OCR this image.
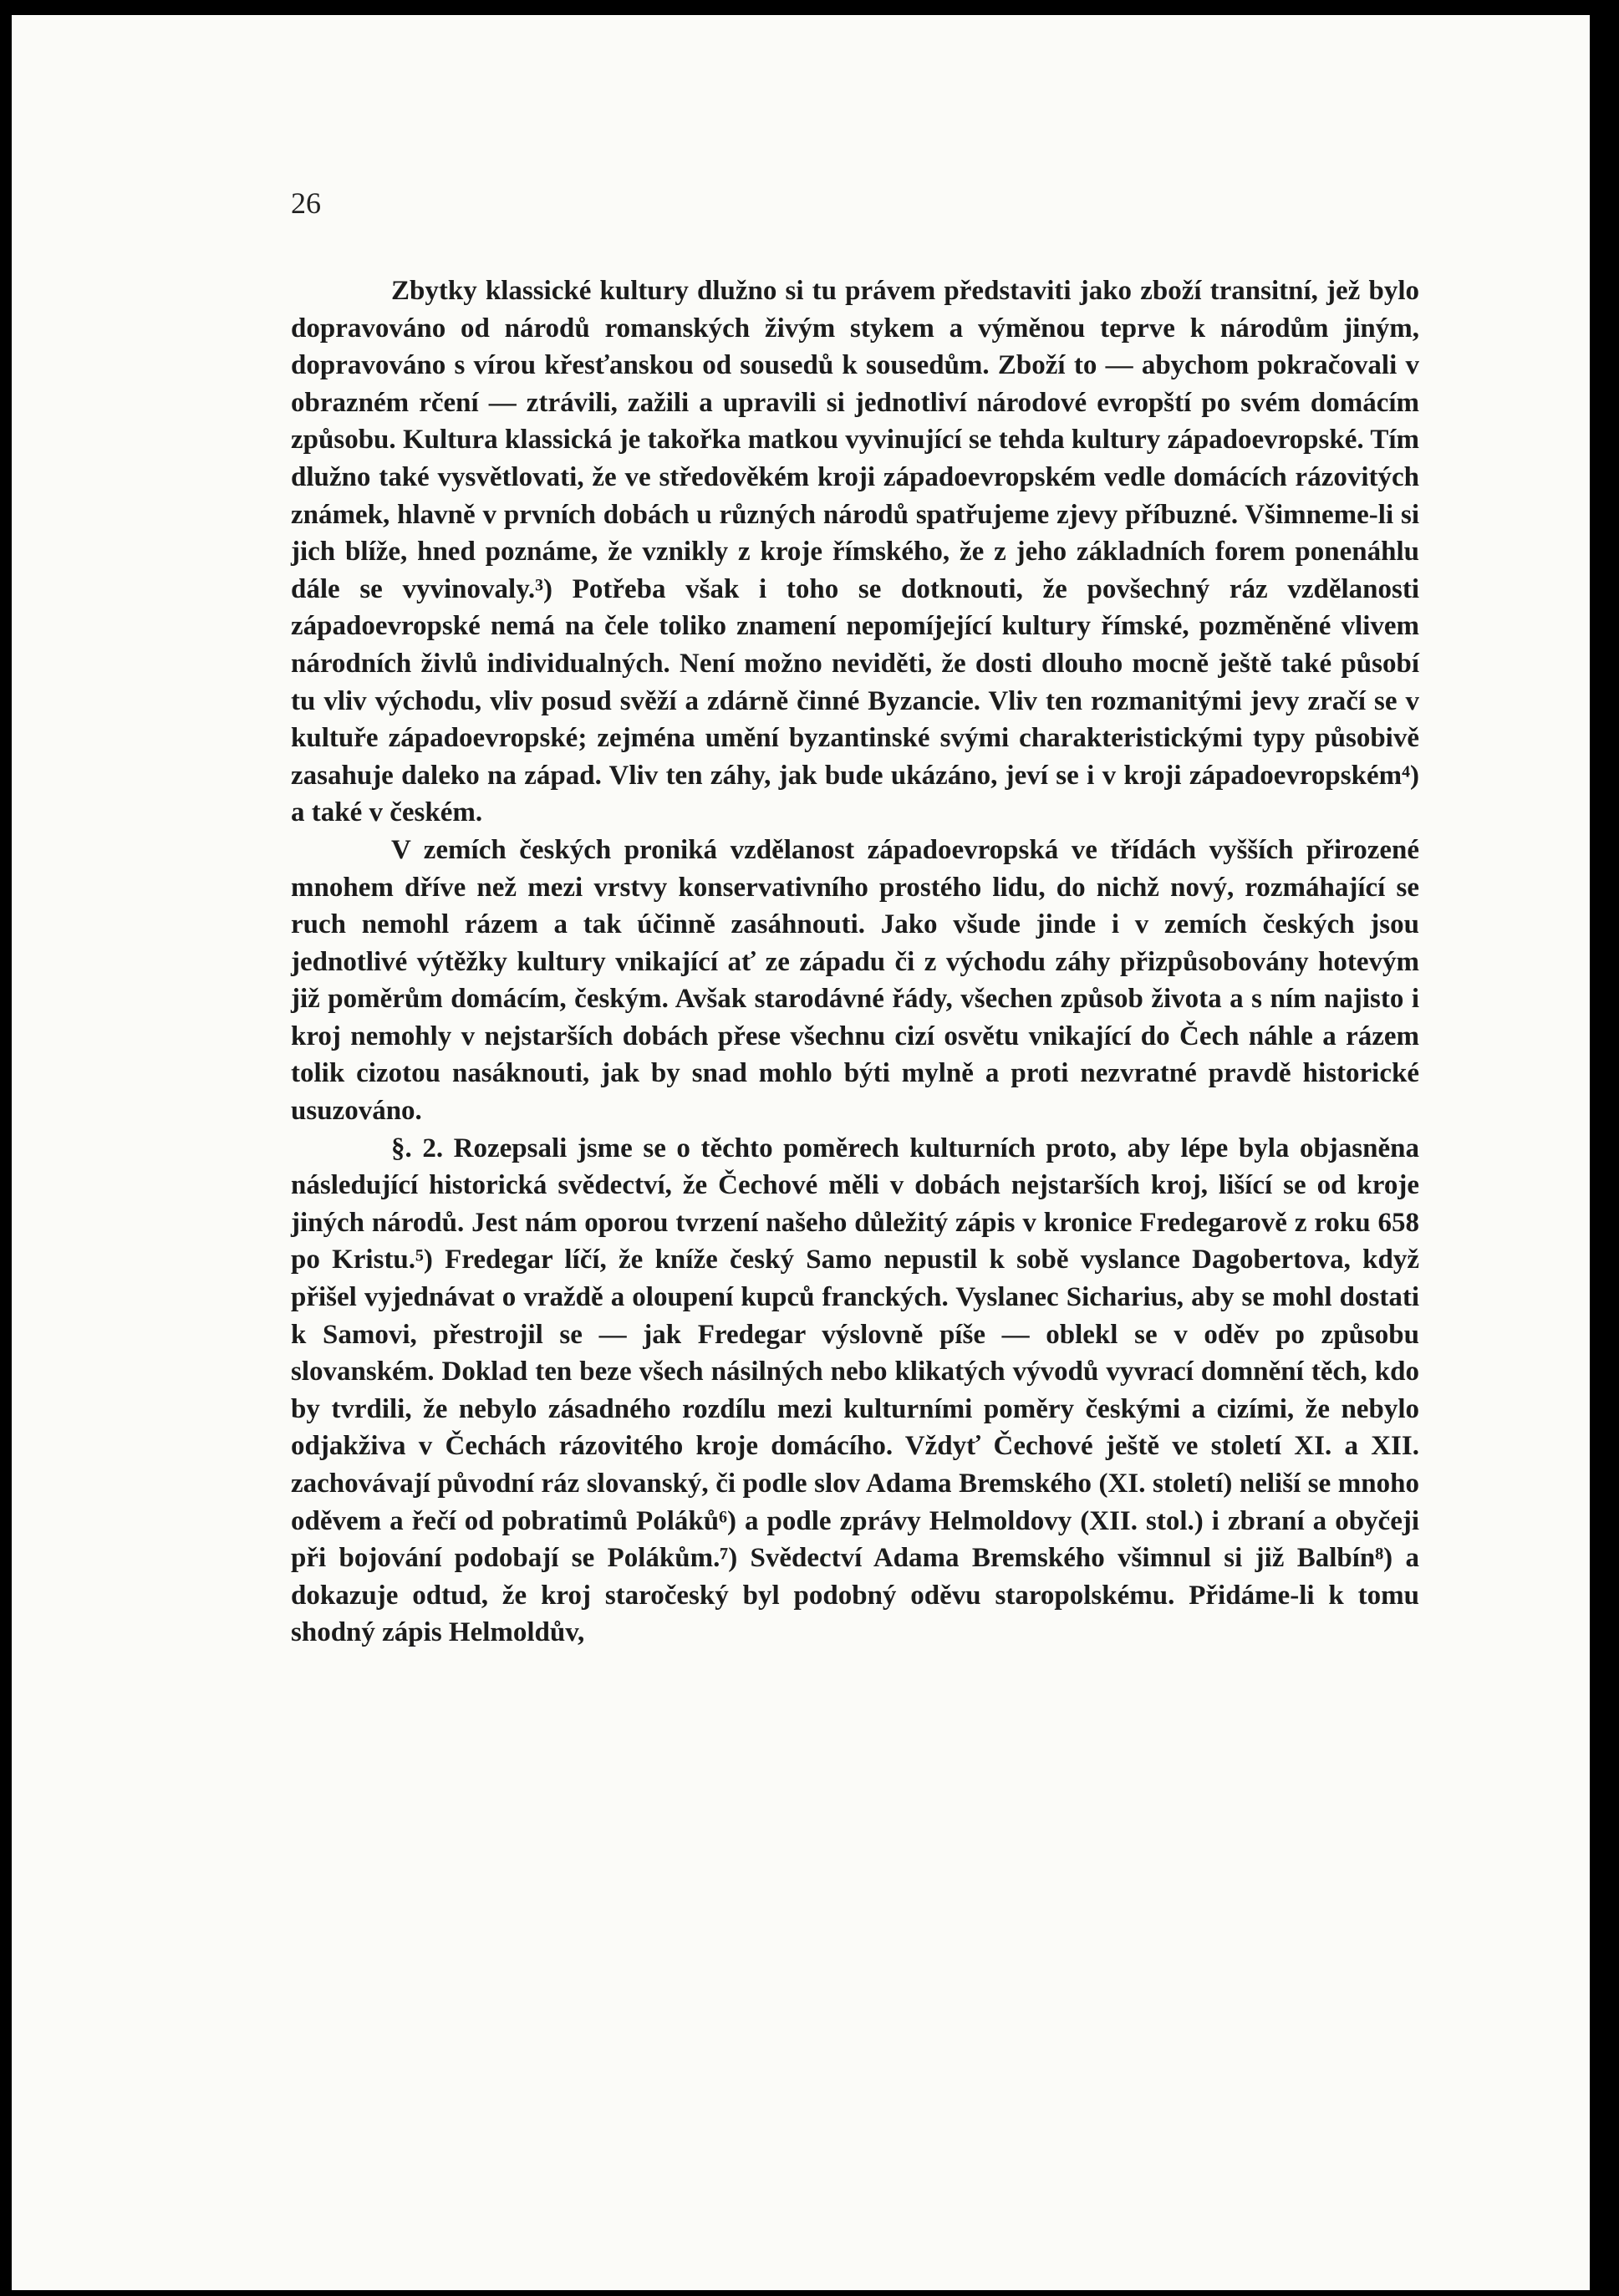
26

Zbytky klassické kultury dlužno si tu právem představiti jako zboží transitní, jež bylo dopravováno od národů romanských živým stykem a výměnou teprve k národům jiným, dopravováno s vírou křesťanskou od sousedů k sousedům. Zboží to — abychom pokračovali v obrazném rčení — ztrávili, zažili a upravili si jednotliví národové evropští po svém domácím způsobu. Kultura klassická je takořka matkou vyvinující se tehda kultury západoevropské. Tím dlužno také vysvětlovati, že ve středověkém kroji západoevropském vedle domácích rázovitých známek, hlavně v prvních dobách u různých národů spatřujeme zjevy příbuzné. Všimneme-li si jich blíže, hned poznáme, že vznikly z kroje římského, že z jeho základních forem ponenáhlu dále se vyvinovaly.³) Potřeba však i toho se dotknouti, že povšechný ráz vzdělanosti západoevropské nemá na čele toliko znamení nepomíjející kultury římské, pozměněné vlivem národních živlů individualných. Není možno neviděti, že dosti dlouho mocně ještě také působí tu vliv východu, vliv posud svěží a zdárně činné Byzancie. Vliv ten rozmanitými jevy zračí se v kultuře západoevropské; zejména umění byzantinské svými charakteristickými typy působivě zasahuje daleko na západ. Vliv ten záhy, jak bude ukázáno, jeví se i v kroji západoevropském⁴) a také v českém.

V zemích českých proniká vzdělanost západoevropská ve třídách vyšších přirozené mnohem dříve než mezi vrstvy konservativního prostého lidu, do nichž nový, rozmáhající se ruch nemohl rázem a tak účinně zasáhnouti. Jako všude jinde i v zemích českých jsou jednotlivé výtěžky kultury vnikající ať ze západu či z východu záhy přizpůsobovány hotevým již poměrům domácím, českým. Avšak starodávné řády, všechen způsob života a s ním najisto i kroj nemohly v nejstarších dobách přese všechnu cizí osvětu vnikající do Čech náhle a rázem tolik cizotou nasáknouti, jak by snad mohlo býti mylně a proti nezvratné pravdě historické usuzováno.

§. 2. Rozepsali jsme se o těchto poměrech kulturních proto, aby lépe byla objasněna následující historická svědectví, že Čechové měli v dobách nejstarších kroj, lišící se od kroje jiných národů. Jest nám oporou tvrzení našeho důležitý zápis v kronice Fredegarově z roku 658 po Kristu.⁵) Fredegar líčí, že kníže český Samo nepustil k sobě vyslance Dagobertova, když přišel vyjednávat o vraždě a oloupení kupců franckých. Vyslanec Sicharius, aby se mohl dostati k Samovi, přestrojil se — jak Fredegar výslovně píše — oblekl se v oděv po způsobu slovanském. Doklad ten beze všech násilných nebo klikatých vývodů vyvrací domnění těch, kdo by tvrdili, že nebylo zásadného rozdílu mezi kulturními poměry českými a cizími, že nebylo odjakživa v Čechách rázovitého kroje domácího. Vždyť Čechové ještě ve století XI. a XII. zachovávají původní ráz slovanský, či podle slov Adama Bremského (XI. století) neliší se mnoho oděvem a řečí od pobratimů Poláků⁶) a podle zprávy Helmoldovy (XII. stol.) i zbraní a obyčeji při bojování podobají se Polákům.⁷) Svědectví Adama Bremského všimnul si již Balbín⁸) a dokazuje odtud, že kroj staročeský byl podobný oděvu staropolskému. Přidáme-li k tomu shodný zápis Helmoldův,
